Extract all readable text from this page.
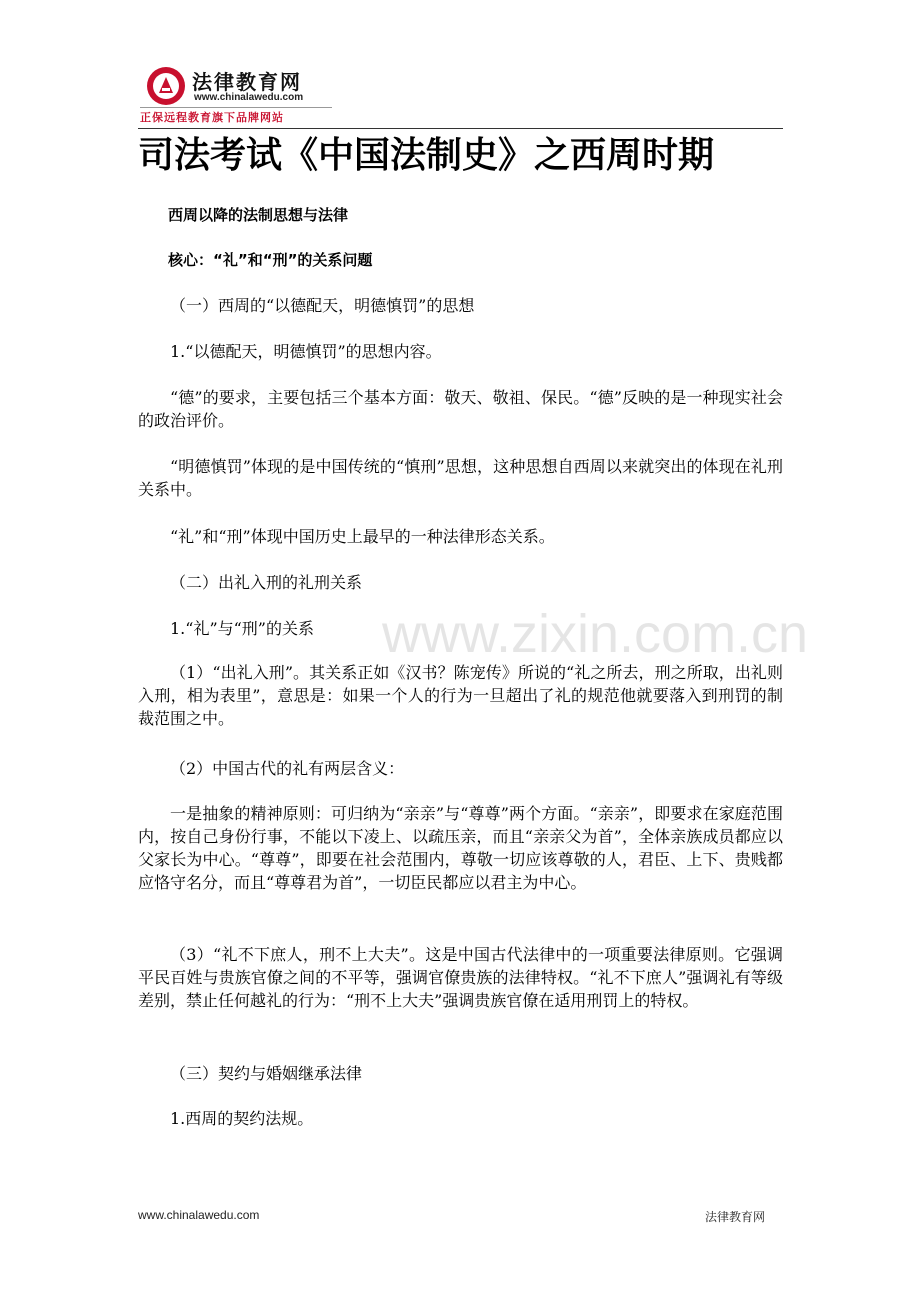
法律教育网
www.chinalawedu.com
正保远程教育旗下品牌网站
司法考试《中国法制史》之西周时期

西周以降的法制思想与法律

核心：“礼”和“刑”的关系问题

（一）西周的“以德配天，明德慎罚”的思想

1.“以德配天，明德慎罚”的思想内容。

“德”的要求，主要包括三个基本方面：敬天、敬祖、保民。“德”反映的是一种现实社会的政治评价。

“明德慎罚”体现的是中国传统的“慎刑”思想，这种思想自西周以来就突出的体现在礼刑关系中。

“礼”和“刑”体现中国历史上最早的一种法律形态关系。

（二）出礼入刑的礼刑关系

1.“礼”与“刑”的关系

（1）“出礼入刑”。其关系正如《汉书？陈宠传》所说的“礼之所去，刑之所取，出礼则入刑，相为表里”，意思是：如果一个人的行为一旦超出了礼的规范他就要落入到刑罚的制裁范围之中。

（2）中国古代的礼有两层含义：

一是抽象的精神原则：可归纳为“亲亲”与“尊尊”两个方面。“亲亲”，即要求在家庭范围内，按自己身份行事，不能以下凌上、以疏压亲，而且“亲亲父为首”，全体亲族成员都应以父家长为中心。“尊尊”，即要在社会范围内，尊敬一切应该尊敬的人，君臣、上下、贵贱都应恪守名分，而且“尊尊君为首”，一切臣民都应以君主为中心。

（3）“礼不下庶人，刑不上大夫”。这是中国古代法律中的一项重要法律原则。它强调平民百姓与贵族官僚之间的不平等，强调官僚贵族的法律特权。“礼不下庶人”强调礼有等级差别，禁止任何越礼的行为：“刑不上大夫”强调贵族官僚在适用刑罚上的特权。

（三）契约与婚姻继承法律

1.西周的契约法规。

www.zixin.com.cn
www.chinalawedu.com	法律教育网
